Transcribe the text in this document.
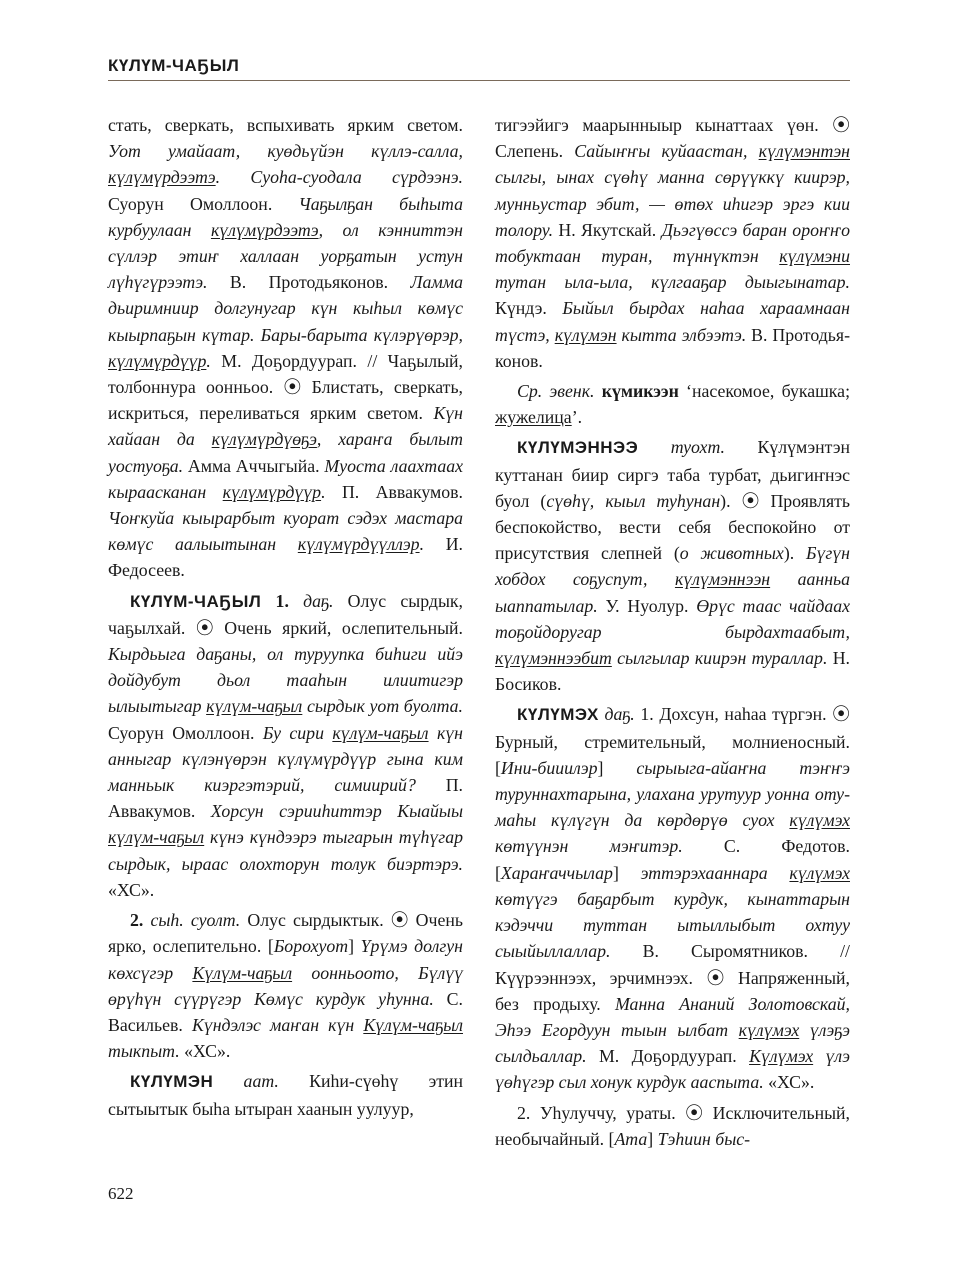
КҮЛҮМ-ЧАҔЫЛ

стать, сверкать, вспыхивать ярким светом. Уот умайаат, куөдьүйэн күллэ-салла, күлүмүрдээтэ. Суоһа-суодала сүрдээнэ. Суорун Омоллоон. Чаҕылҕан быһыта курбуулаан күлүмүрдээтэ, ол кэнниттэн сүллэр этиҥ халлаан уорҕатын устун лүһүгүрээтэ. В. Протодьяконов. Ламма дьиримниир долгунугар күн кыһыл көмүс кыырпаҕын күтар. Бары-барыта күлэрүөрэр, күлүмүрдүүр. М. Доҕордуурап. // Чаҕылый, толбоннура оонньоо. ⦿ Блистать, сверкать, искриться, переливаться ярким светом. Күн хайаан да күлүмүрдүөҕэ, хараҥа былыт уостуоҕа. Амма Аччыгыйа. Муоста лаахтаах кыраасканан күлүмүрдүүр. П. Аввакумов. Чоҥкуйа кыырарбыт куорат сэдэх мастара көмүс аалыытынан күлүмүрдүүллэр. И. Федосеев.

КҮЛҮМ-ЧАҔЫЛ 1. даҕ. Олус сырдык, чаҕылхай. ⦿ Очень яркий, ослепительный. Кырдьыга даҕаны, ол туруупка биһиги ийэ дойдубут дьол тааһын илиитигэр ылыытыгар күлүм-чаҕыл сырдык уот буолта. Суорун Омоллоон. Бу сири күлүм-чаҕыл күн анныгар күлэнүөрэн күлүмүрдүүр гына ким манньык киэргэтэрий, симиирий? П. Аввакумов. Хорсун сэрииһиттэр Кыайыы күлүм-чаҕыл күнэ күндээрэ тыгарын түһүгар сырдык, ыраас олохторун толук биэртэрэ. «ХС».

2. сыһ. суолт. Олус сырдыктык. ⦿ Очень ярко, ослепительно. [Борохуот] Үрүмэ долгун көхсүгэр Күлүм-чаҕыл оонньоото, Бүлүү өрүһүн сүүрүгэр Көмүс курдук уһунна. С. Васильев. Күндэлэс маҥан күн Күлүм-чаҕыл тыкпыт. «ХС».

КҮЛҮМЭН аат. Киһи-сүөһү этин сытыытык быһа ытыран хаанын уулуур,

тигээйигэ маарынныыр кынаттаах үөн. ⦿ Слепень. Сайыҥҥы куйаастан, күлүмэнтэн сылгы, ынах сүөһү манна сөрүүккү киирэр, мунньустар эбит, — өтөх иһигэр эргэ кии толору. Н. Якутскай. Дьэгүөссэ баран ороҥҥо тобуктаан туран, түннүктэн күлүмэни тутан ыла-ыла, күлгааҕар дыыгынатар. Күндэ. Быйыл бырдах наһаа хараамнаан түстэ, күлүмэн кытта элбээтэ. В. Протодьяконов.

Ср. эвенк. күмикээн ‘насекомое, букашка; жужелица’.

КҮЛҮМЭННЭЭ туохт. Күлүмэнтэн куттанан биир сиргэ таба турбат, дьигиҥнэс буол (сүөһү, кыыл туһунан). ⦿ Проявлять беспокойство, вести себя беспокойно от присутствия слепней (о животных). Бүгүн хобдох соҕуспут, күлүмэннээн аанньа ыаппатылар. У. Нуолур. Өрүс таас чайдаах тоҕойдоругар бырдахтаабыт, күлүмэннээбит сылгылар киирэн тураллар. Н. Босиков.

КҮЛҮМЭХ даҕ. 1. Дохсун, наһаа түргэн. ⦿ Бурный, стремительный, молниеносный. [Ини-бииилэр] сырыыга-айаҥна тэҥҥэ туруннахтарына, улахана урутуур уонна оту-маһы күлүгүн да көрдөрүө суох күлүмэх көтүүнэн мэҥитэр. С. Федотов. [Хараҥаччылар] эттэрэхааннара күлүмэх көтүүгэ баҕарбыт курдук, кынаттарын кэдэччи туттан ытыллыбыт охтуу сыыйыллаллар. В. Сыромятников. // Күүрээннээх, эрчимнээх. ⦿ Напряженный, без продыху. Манна Ананий Золотовскай, Эһээ Егордуун тыын ылбат күлүмэх үлэҕэ сылдьаллар. М. Доҕордуурап. Күлүмэх үлэ үөһүгэр сыл хонук курдук ааспыта. «ХС».

2. Уһулуччу, ураты. ⦿ Исключительный, необычайный. [Ата] Тэһиин быс-

622
